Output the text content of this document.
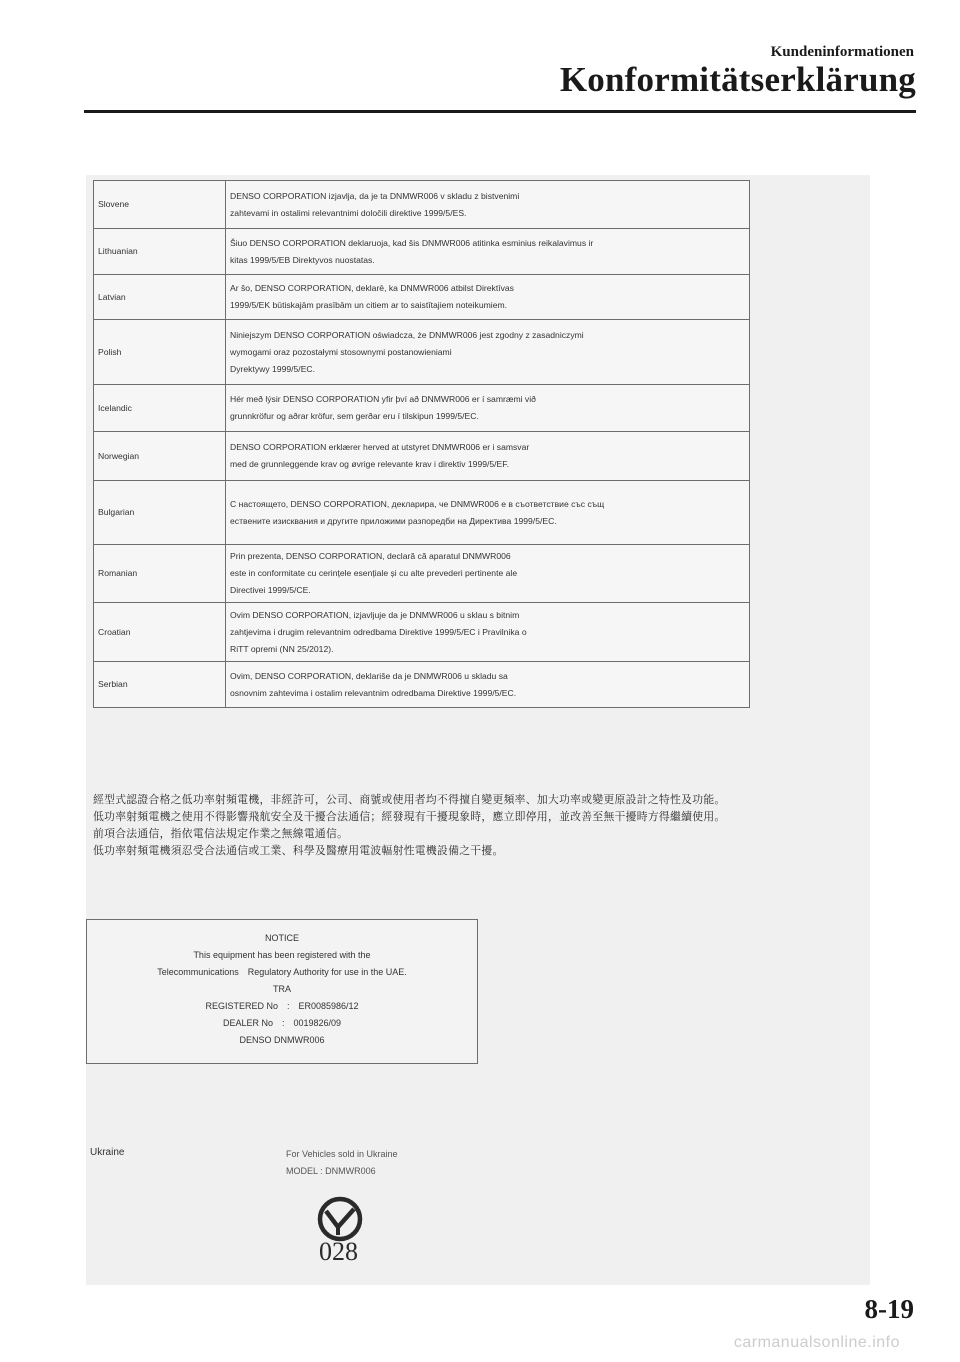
Kundeninformationen
Konformitätserklärung
Slovene	DENSO CORPORATION izjavlja, da je ta DNMWR006 v skladu z bistvenimi
zahtevami in ostalimi relevantnimi določili direktive 1999/5/ES.

Lithuanian	Šiuo DENSO CORPORATION deklaruoja, kad šis DNMWR006 atitinka esminius reikalavimus ir
kitas 1999/5/EB Direktyvos nuostatas.

Latvian	Ar šo, DENSO CORPORATION, deklarē, ka DNMWR006 atbilst Direktīvas
1999/5/EK būtiskajām prasībām un citiem ar to saistītajiem noteikumiem.

Polish	Niniejszym DENSO CORPORATION oświadcza, że DNMWR006 jest zgodny z zasadniczymi
wymogami oraz pozostałymi stosownymi postanowieniami
Dyrektywy 1999/5/EC.

Icelandic	Hér með lýsir DENSO CORPORATION yfir því að DNMWR006 er í samræmi við
grunnkröfur og aðrar kröfur, sem gerðar eru í tilskipun 1999/5/EC.

Norwegian	DENSO CORPORATION erklærer herved at utstyret DNMWR006 er i samsvar
med de grunnleggende krav og øvrige relevante krav i direktiv 1999/5/EF.

Bulgarian	С настоящето, DENSO CORPORATION, декларира, че DNMWR006 е в съответствие със същ
ествените изисквания и другите приложими разпоредби на Директива 1999/5/EC.

Romanian	Prin prezenta, DENSO CORPORATION, declară că aparatul DNMWR006
este in conformitate cu cerințele esențiale și cu alte prevederi pertinente ale
Directivei 1999/5/CE.

Croatian	Ovim DENSO CORPORATION, izjavljuje da je DNMWR006 u sklau s bitnim
zahtjevima i drugim relevantnim odredbama Direktive 1999/5/EC i Pravilnika o
RiTT opremi (NN 25/2012).

Serbian	Ovim, DENSO CORPORATION, deklariše da je DNMWR006 u skladu sa
osnovnim zahtevima i ostalim relevantnim odredbama Direktive 1999/5/EC.
經型式認證合格之低功率射頻電機，非經許可，公司、商號或使用者均不得擅自變更頻率、加大功率或變更原設計之特性及功能。
低功率射頻電機之使用不得影響飛航安全及干擾合法通信；經發現有干擾現象時，應立即停用，並改善至無干擾時方得繼續使用。
前項合法通信，指依電信法規定作業之無線電通信。
低功率射頻電機須忍受合法通信或工業、科學及醫療用電波輻射性電機設備之干擾。
NOTICE
This equipment has been registered with the
Telecommunications　Regulatory Authority for use in the UAE.
TRA
REGISTERED No　:　ER0085986/12
DEALER No　:　0019826/09
DENSO DNMWR006
Ukraine	For Vehicles sold in Ukraine
MODEL : DNMWR006
028
8-19
carmanualsonline.info
